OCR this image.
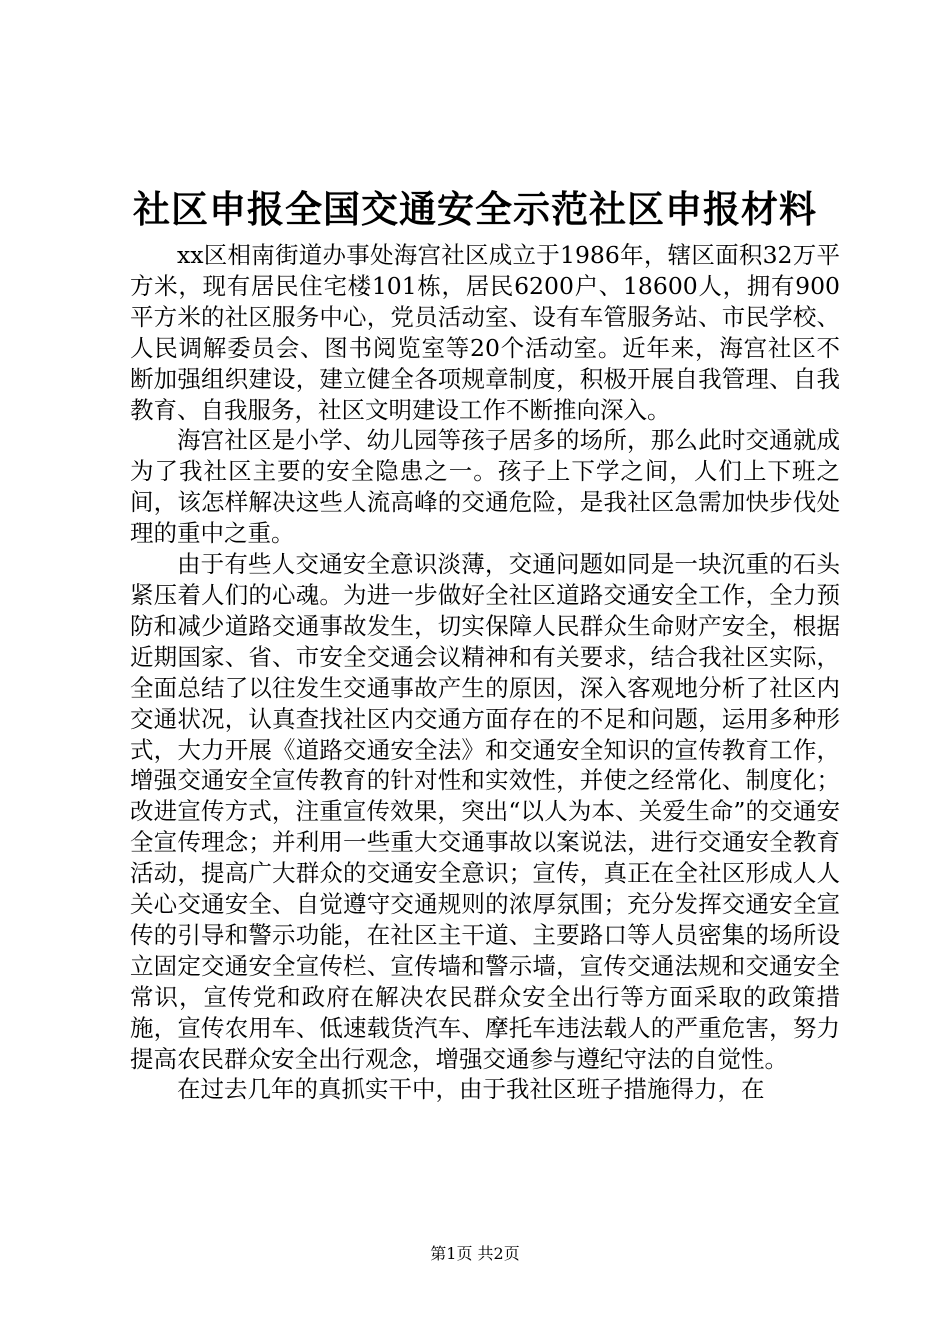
社区申报全国交通安全示范社区申报材料

xx区相南街道办事处海宫社区成立于1986年，辖区面积32万平方米，现有居民住宅楼101栋，居民6200户、18600人，拥有900平方米的社区服务中心，党员活动室、设有车管服务站、市民学校、人民调解委员会、图书阅览室等20个活动室。近年来，海宫社区不断加强组织建设，建立健全各项规章制度，积极开展自我管理、自我教育、自我服务，社区文明建设工作不断推向深入。

海宫社区是小学、幼儿园等孩子居多的场所，那么此时交通就成为了我社区主要的安全隐患之一。孩子上下学之间，人们上下班之间，该怎样解决这些人流高峰的交通危险，是我社区急需加快步伐处理的重中之重。

由于有些人交通安全意识淡薄，交通问题如同是一块沉重的石头紧压着人们的心魂。为进一步做好全社区道路交通安全工作，全力预防和减少道路交通事故发生，切实保障人民群众生命财产安全，根据近期国家、省、市安全交通会议精神和有关要求，结合我社区实际，全面总结了以往发生交通事故产生的原因，深入客观地分析了社区内交通状况，认真查找社区内交通方面存在的不足和问题，运用多种形式，大力开展《道路交通安全法》和交通安全知识的宣传教育工作，增强交通安全宣传教育的针对性和实效性，并使之经常化、制度化；改进宣传方式，注重宣传效果，突出“以人为本、关爱生命”的交通安全宣传理念；并利用一些重大交通事故以案说法，进行交通安全教育活动，提高广大群众的交通安全意识；宣传，真正在全社区形成人人关心交通安全、自觉遵守交通规则的浓厚氛围；充分发挥交通安全宣传的引导和警示功能，在社区主干道、主要路口等人员密集的场所设立固定交通安全宣传栏、宣传墙和警示墙，宣传交通法规和交通安全常识，宣传党和政府在解决农民群众安全出行等方面采取的政策措施，宣传农用车、低速载货汽车、摩托车违法载人的严重危害，努力提高农民群众安全出行观念，增强交通参与遵纪守法的自觉性。

在过去几年的真抓实干中，由于我社区班子措施得力，在

第1页 共2页
